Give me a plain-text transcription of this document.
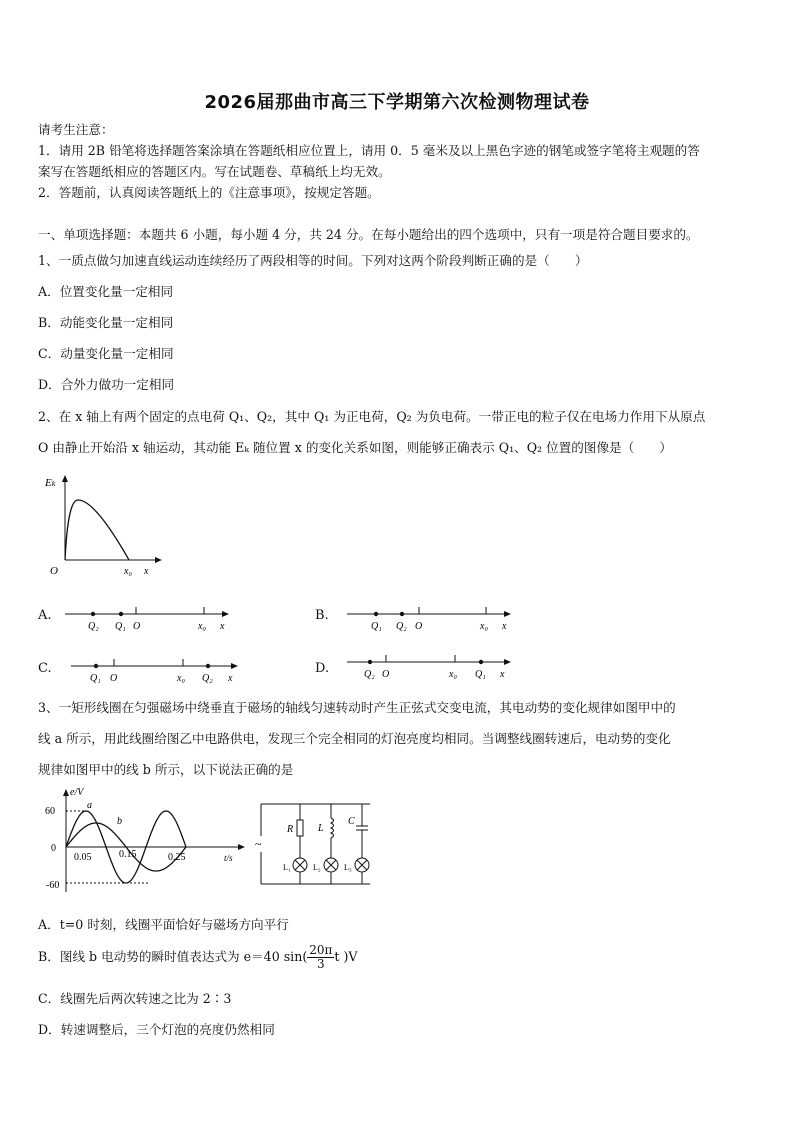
2026届那曲市高三下学期第六次检测物理试卷
请考生注意：
1．请用 2B 铅笔将选择题答案涂填在答题纸相应位置上，请用 0．5 毫米及以上黑色字迹的钢笔或签字笔将主观题的答
案写在答题纸相应的答题区内。写在试题卷、草稿纸上均无效。
2．答题前，认真阅读答题纸上的《注意事项》，按规定答题。
一、单项选择题：本题共 6 小题，每小题 4 分，共 24 分。在每小题给出的四个选项中，只有一项是符合题目要求的。
1、一质点做匀加速直线运动连续经历了两段相等的时间。下列对这两个阶段判断正确的是（　　）
A．位置变化量一定相同
B．动能变化量一定相同
C．动量变化量一定相同
D．合外力做功一定相同
2、在 x 轴上有两个固定的点电荷 Q₁、Q₂，其中 Q₁ 为正电荷，Q₂ 为负电荷。一带正电的粒子仅在电场力作用下从原点
O 由静止开始沿 x 轴运动，其动能 Eₖ 随位置 x 的变化关系如图，则能够正确表示 Q₁、Q₂ 位置的图像是（　　）
Eₖ
O	x₀ x
A.
Q₂ Q₁ O	x₀ x
B.
Q₁ Q₂ O	x₀ x
C.
Q₁ O	x₀ Q₂ x
D.	Q₂ O	x₀ Q₁ x
3、一矩形线圈在匀强磁场中绕垂直于磁场的轴线匀速转动时产生正弦式交变电流，其电动势的变化规律如图甲中的
线 a 所示，用此线圈给图乙中电路供电，发现三个完全相同的灯泡亮度均相同。当调整线圈转速后，电动势的变化
规律如图甲中的线 b 所示，以下说法正确的是
e/V
60
0
-60
0.05	0.15	0.25	t/s
a
b
~
R L
C
L₁	L₂	L₃
A．t=0 时刻，线圈平面恰好与磁场方向平行
B．图线 b 电动势的瞬时值表达式为 e＝40 $\sin( \frac{20\pi}{3}$ t )V
C．线圈先后两次转速之比为 2∶3
D．转速调整后，三个灯泡的亮度仍然相同
